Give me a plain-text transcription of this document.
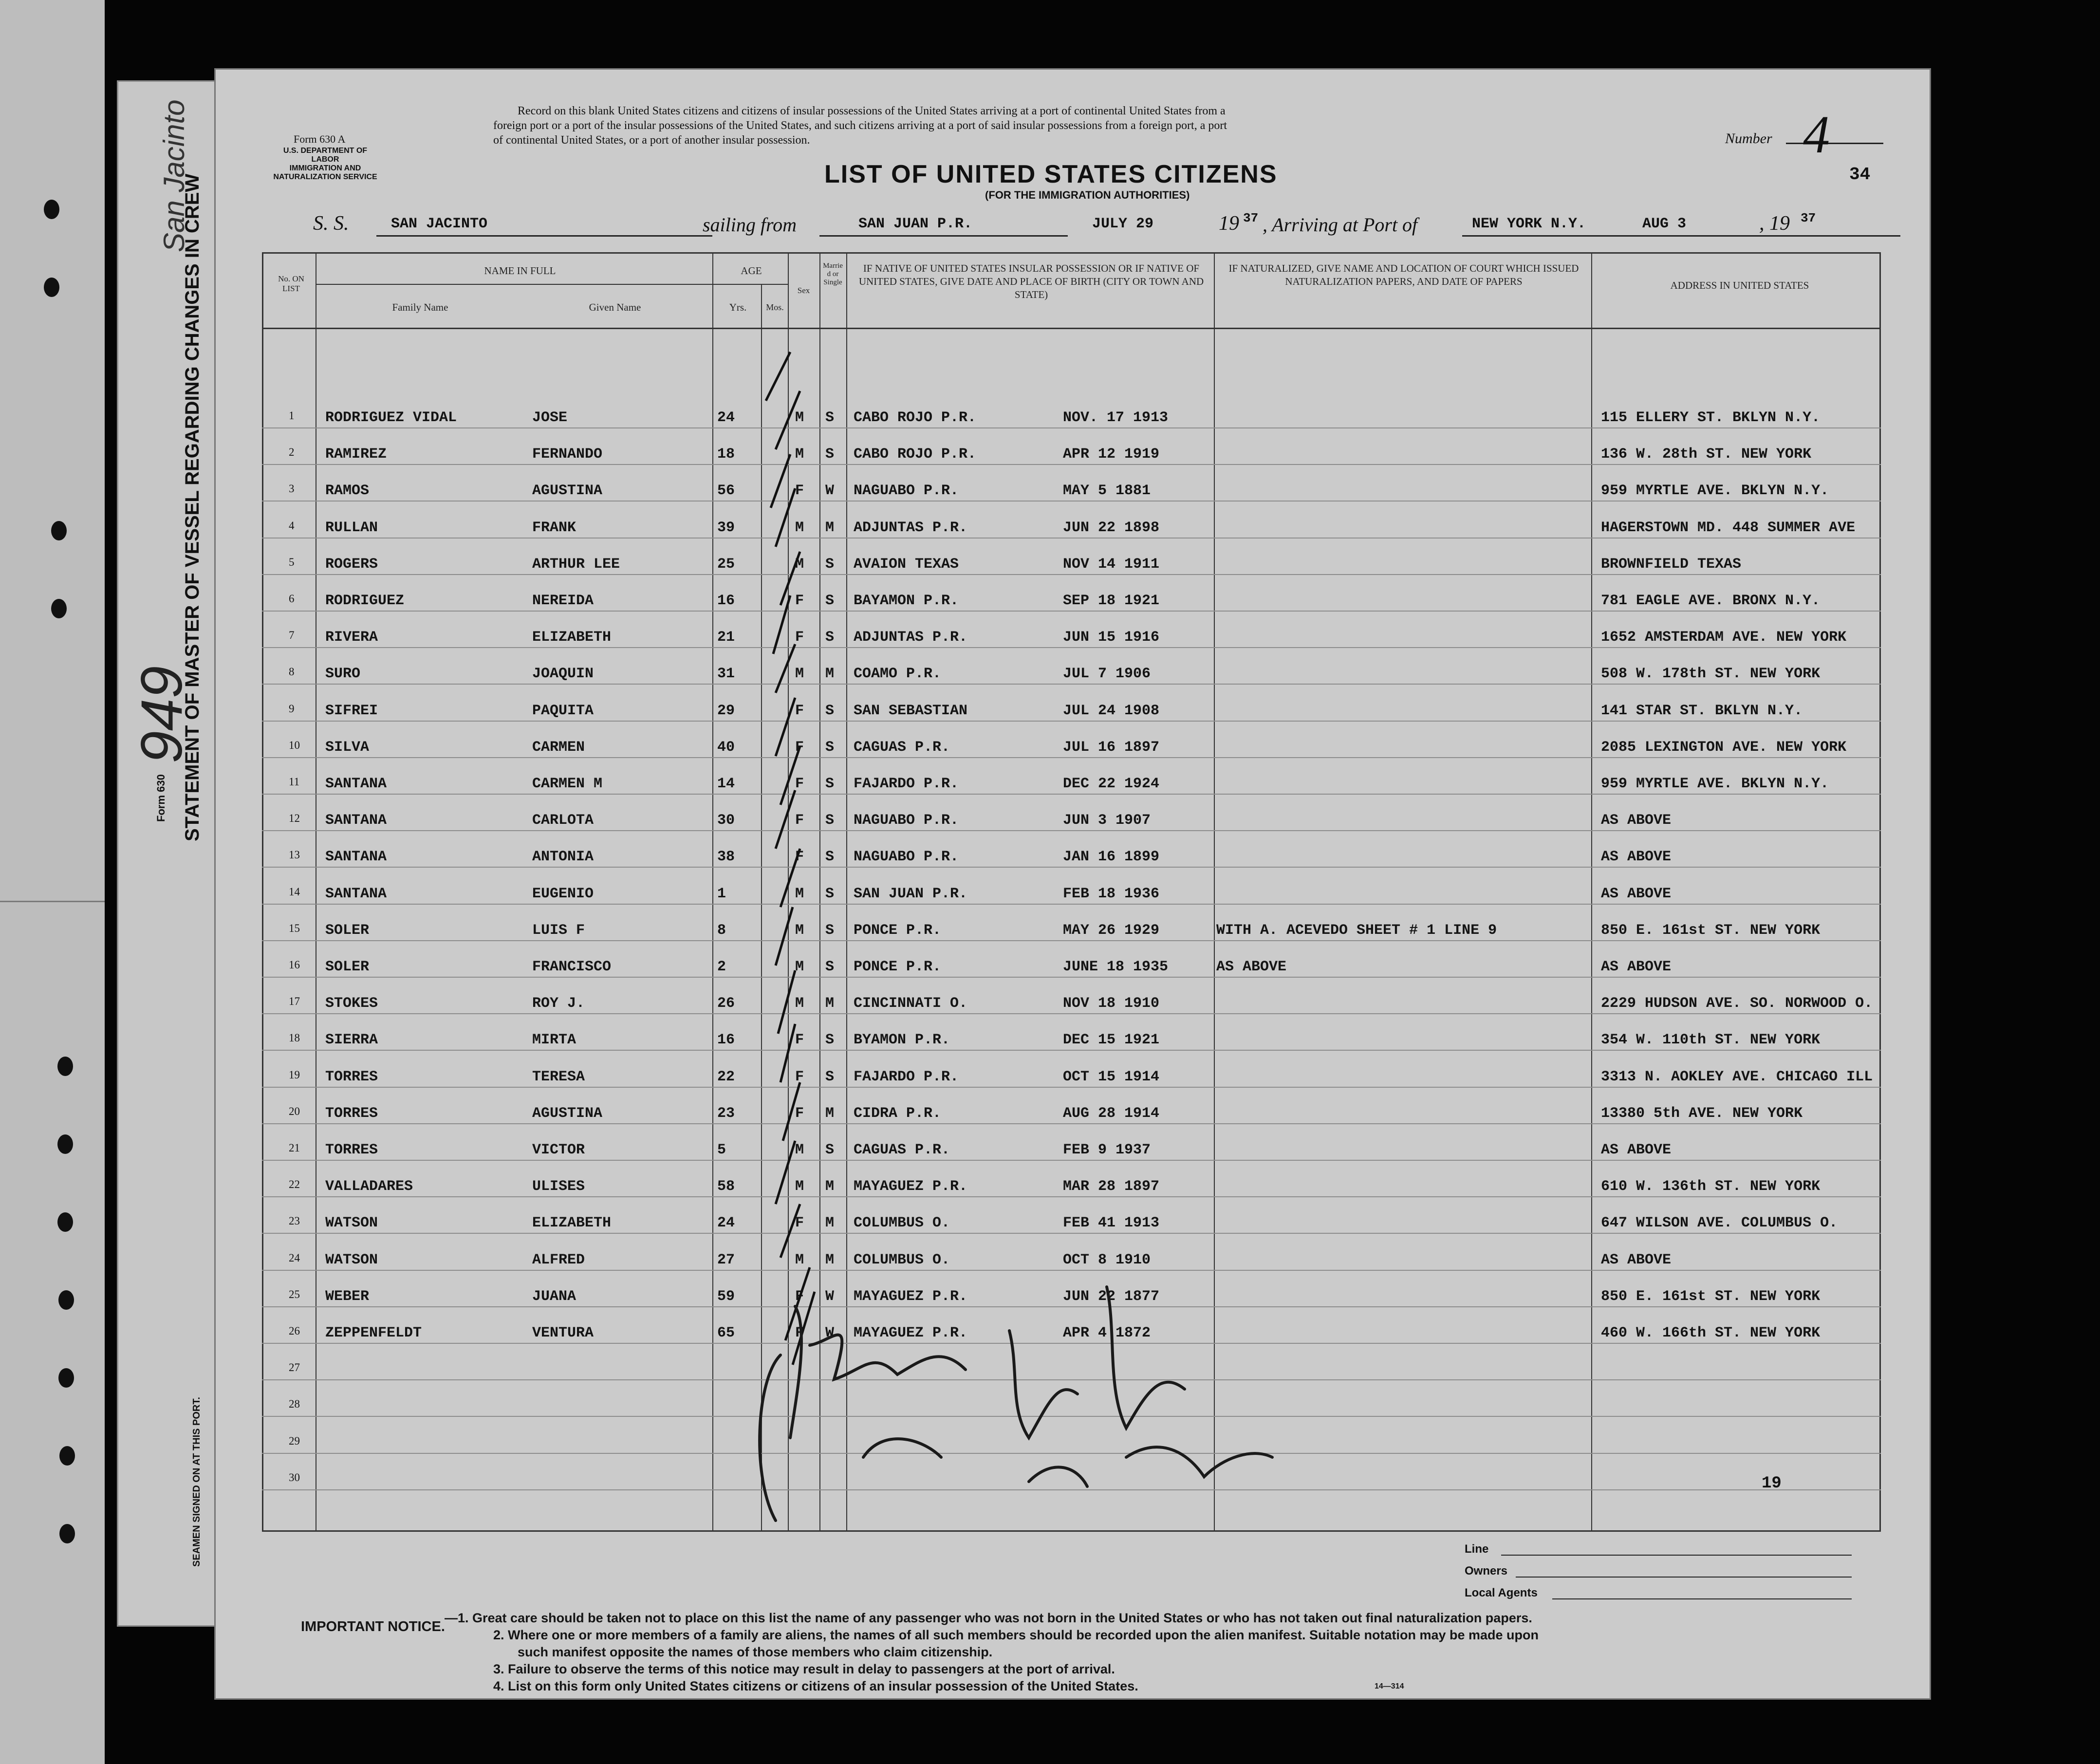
STATEMENT OF MASTER OF VESSEL REGARDING CHANGES IN CREW
Form 630
SEAMEN SIGNED ON AT THIS PORT.
949
San Jacinto	Form 630 A
U.S. DEPARTMENT OF LABOR
IMMIGRATION AND
NATURALIZATION SERVICE
Record on this blank United States citizens and citizens of insular possessions of the United States arriving at a port of continental United States from a
foreign port or a port of the insular possessions of the United States, and such citizens arriving at a port of said insular possessions from a foreign port, a port
of continental United States, or a port of another insular possession.	Number 4
34
LIST OF UNITED STATES CITIZENS
(FOR THE IMMIGRATION AUTHORITIES)
S. S.	SAN JACINTO	sailing from	SAN JUAN P.R.	JULY 29	19 37 , Arriving at Port of	NEW YORK N.Y.	AUG 3	, 19 37
No. ON LIST
NAME IN FULL
Family Name	Given Name
AGE
Yrs.	Mos.
Sex
Married or Single
IF NATIVE OF UNITED STATES INSULAR POSSESSION OR IF NATIVE OF UNITED STATES, GIVE DATE AND PLACE OF BIRTH (CITY OR TOWN AND STATE)
IF NATURALIZED, GIVE NAME AND LOCATION OF COURT WHICH ISSUED NATURALIZATION PAPERS, AND DATE OF PAPERS	ADDRESS IN UNITED STATES
1 RODRIGUEZ VIDAL	JOSE	24	M S CABO ROJO P.R.	NOV. 17 1913	115 ELLERY ST. BKLYN N.Y.
2 RAMIREZ	FERNANDO	18	M S CABO ROJO P.R.	APR 12 1919	136 W. 28th ST. NEW YORK
3 RAMOS	AGUSTINA	56	F W NAGUABO P.R.	MAY 5 1881	959 MYRTLE AVE. BKLYN N.Y.
4 RULLAN	FRANK	39	M M ADJUNTAS P.R.	JUN 22 1898	HAGERSTOWN MD. 448 SUMMER AVE
5 ROGERS	ARTHUR LEE	25	M S AVAION TEXAS	NOV 14 1911	BROWNFIELD TEXAS
6 RODRIGUEZ	NEREIDA	16	F S BAYAMON P.R.	SEP 18 1921	781 EAGLE AVE. BRONX N.Y.
7 RIVERA	ELIZABETH	21	F S ADJUNTAS P.R.	JUN 15 1916	1652 AMSTERDAM AVE. NEW YORK
8 SURO	JOAQUIN	31	M M COAMO P.R.	JUL 7 1906	508 W. 178th ST. NEW YORK
9 SIFREI	PAQUITA	29	F S SAN SEBASTIAN	JUL 24 1908	141 STAR ST. BKLYN N.Y.
10 SILVA	CARMEN	40	F S CAGUAS P.R.	JUL 16 1897	2085 LEXINGTON AVE. NEW YORK
11 SANTANA	CARMEN M	14	F S FAJARDO P.R.	DEC 22 1924	959 MYRTLE AVE. BKLYN N.Y.
12 SANTANA	CARLOTA	30	F S NAGUABO P.R.	JUN 3 1907	AS ABOVE
13 SANTANA	ANTONIA	38	F S NAGUABO P.R.	JAN 16 1899	AS ABOVE
14 SANTANA	EUGENIO	1	M S SAN JUAN P.R.	FEB 18 1936	AS ABOVE
15 SOLER	LUIS F	8	M S PONCE P.R.	MAY 26 1929	WITH A. ACEVEDO SHEET # 1 LINE 9	850 E. 161st ST. NEW YORK
16 SOLER	FRANCISCO	2	M S PONCE P.R.	JUNE 18 1935	AS ABOVE	AS ABOVE
17 STOKES	ROY J.	26	M M CINCINNATI O.	NOV 18 1910	2229 HUDSON AVE. SO. NORWOOD O.
18 SIERRA	MIRTA	16	F S BYAMON P.R.	DEC 15 1921	354 W. 110th ST. NEW YORK
19 TORRES	TERESA	22	F S FAJARDO P.R.	OCT 15 1914	3313 N. AOKLEY AVE. CHICAGO ILL
20 TORRES	AGUSTINA	23	F M CIDRA P.R.	AUG 28 1914	13380 5th AVE. NEW YORK
21 TORRES	VICTOR	5	M S CAGUAS P.R.	FEB 9 1937	AS ABOVE
22 VALLADARES	ULISES	58	M M MAYAGUEZ P.R.	MAR 28 1897	610 W. 136th ST. NEW YORK
23 WATSON	ELIZABETH	24	F M COLUMBUS O.	FEB 41 1913	647 WILSON AVE. COLUMBUS O.
24 WATSON	ALFRED	27	M M COLUMBUS O.	OCT 8 1910	AS ABOVE
25 WEBER	JUANA	59	F W MAYAGUEZ P.R.	JUN 22 1877	850 E. 161st ST. NEW YORK
26 ZEPPENFELDT	VENTURA	65	F W MAYAGUEZ P.R.	APR 4 1872	460 W. 166th ST. NEW YORK
27
28
29
30	19
Line
Owners
Local Agents
IMPORTANT NOTICE.
—1. Great care should be taken not to place on this list the name of any passenger who was not born in the United States or who has not taken out final naturalization papers.
2. Where one or more members of a family are aliens, the names of all such members should be recorded upon the alien manifest. Suitable notation may be made upon
such manifest opposite the names of those members who claim citizenship.
3. Failure to observe the terms of this notice may result in delay to passengers at the port of arrival.
4. List on this form only United States citizens or citizens of an insular possession of the United States.	14—314
